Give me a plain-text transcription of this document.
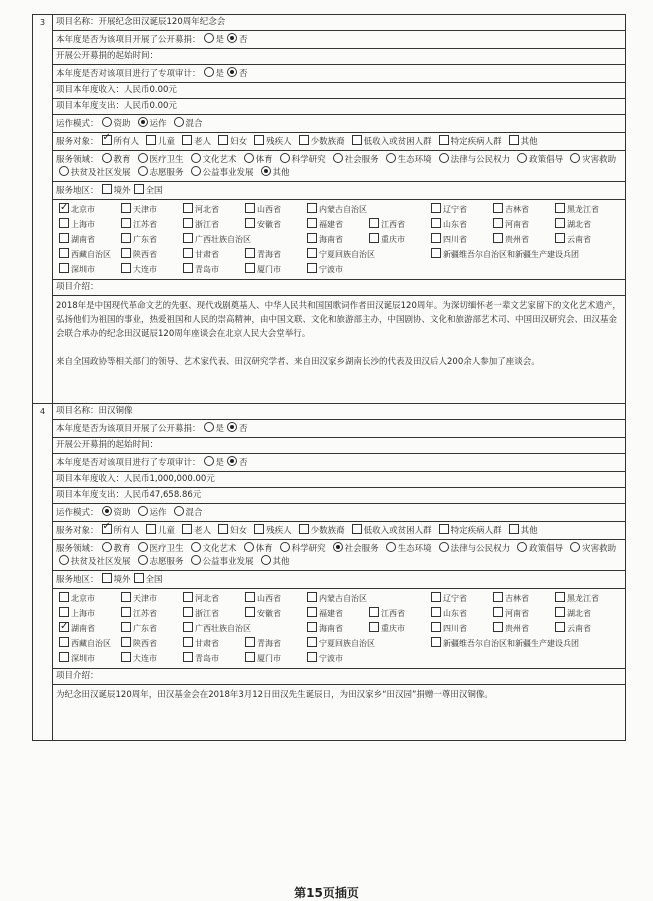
3	项目名称：开展纪念田汉诞辰120周年纪念会
本年度是否为该项目开展了公开募捐： 是 否
开展公开募捐的起始时间：
本年度是否对该项目进行了专项审计： 是 否
项目本年度收入：人民币0.00元
项目本年度支出：人民币0.00元
运作模式： 资助 运作 混合
服务对象： ✓ 所有人 儿童 老人 妇女 残疾人 少数族裔 低收入或贫困人群 特定疾病人群 其他
服务领域： 教育 医疗卫生 文化艺术 体育 科学研究 社会服务 生态环境 法律与公民权力 政策倡导 灾害救助扶贫及社区发展 志愿服务 公益事业发展 其他
服务地区： 境外 全国
✓北京市	天津市	河北省	山西省	内蒙古自治区	辽宁省	吉林省	黑龙江省
上海市	江苏省	浙江省	安徽省	福建省	江西省	山东省	河南省	湖北省
湖南省	广东省	广西壮族自治区	海南省	重庆市	四川省	贵州省	云南省
西藏自治区	陕西省	甘肃省	青海省	宁夏回族自治区	新疆维吾尔自治区和新疆生产建设兵团
深圳市	大连市	青岛市	厦门市	宁波市
项目介绍：

2018年是中国现代革命文艺的先驱、现代戏剧奠基人、中华人民共和国国歌词作者田汉诞辰120周年。为深切缅怀老一辈文艺家留下的文化艺术遗产，弘扬他们为祖国的事业，热爱祖国和人民的崇高精神，由中国文联、文化和旅游部主办，中国剧协、文化和旅游部艺术司、中国田汉研究会、田汉基金会联合承办的纪念田汉诞辰120周年座谈会在北京人民大会堂举行。

来自全国政协等相关部门的领导、艺术家代表、田汉研究学者、来自田汉家乡湖南长沙的代表及田汉后人200余人参加了座谈会。

4	项目名称：田汉铜像
本年度是否为该项目开展了公开募捐： 是 否
开展公开募捐的起始时间：
本年度是否对该项目进行了专项审计： 是 否
项目本年度收入：人民币1,000,000.00元
项目本年度支出：人民币47,658.86元
运作模式： 资助 运作 混合
服务对象： ✓ 所有人 儿童 老人 妇女 残疾人 少数族裔 低收入或贫困人群 特定疾病人群 其他
服务领域： 教育 医疗卫生 文化艺术 体育 科学研究 社会服务 生态环境 法律与公民权力 政策倡导 灾害救助扶贫及社区发展 志愿服务 公益事业发展 其他
服务地区： 境外 全国
北京市	天津市	河北省	山西省	内蒙古自治区	辽宁省	吉林省	黑龙江省
上海市	江苏省	浙江省	安徽省	福建省	江西省	山东省	河南省	湖北省
✓湖南省	广东省	广西壮族自治区	海南省	重庆市	四川省	贵州省	云南省
西藏自治区	陕西省	甘肃省	青海省	宁夏回族自治区	新疆维吾尔自治区和新疆生产建设兵团
深圳市	大连市	青岛市	厦门市	宁波市
项目介绍：

为纪念田汉诞辰120周年，田汉基金会在2018年3月12日田汉先生诞辰日，为田汉家乡“田汉园”捐赠一尊田汉铜像。

第15页插页
